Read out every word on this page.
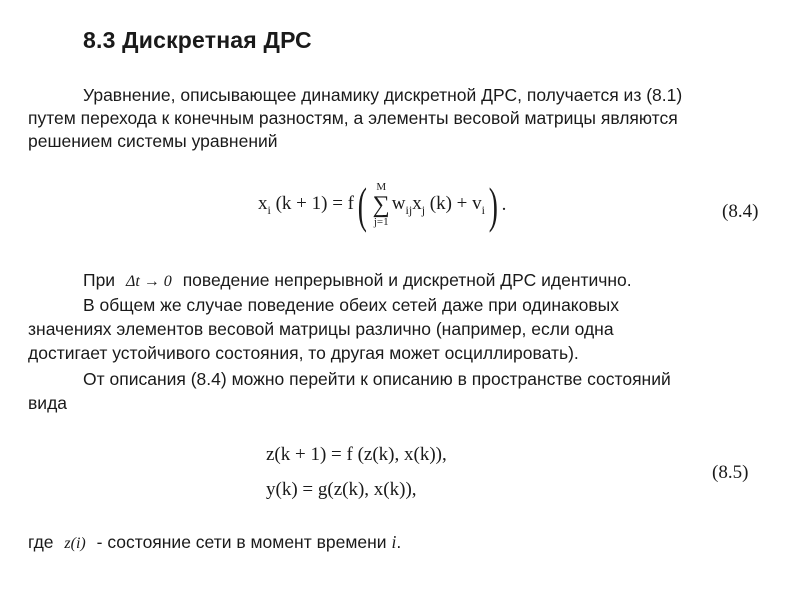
8.3 Дискретная ДРС
Уравнение, описывающее динамику дискретной ДРС, получается из (8.1)
путем перехода к конечным разностям, а элементы весовой матрицы являются
решением системы уравнений
$x_i$ (k + 1) = f( M
∑
j=1
$w_{ij}x_j$ $(k) + v_i$) .	(8.4)
При Δt → 0 поведение непрерывной и дискретной ДРС идентично.
В общем же случае поведение обеих сетей даже при одинаковых
значениях элементов весовой матрицы различно (например, если одна
достигает устойчивого состояния, то другая может осциллировать).
От описания (8.4) можно перейти к описанию в пространстве состояний
вида
z(k + 1) = f (z(k), x(k)),
y(k) = g(z(k), x(k)),
(8.5)
где z(i) - состояние сети в момент времени i.
